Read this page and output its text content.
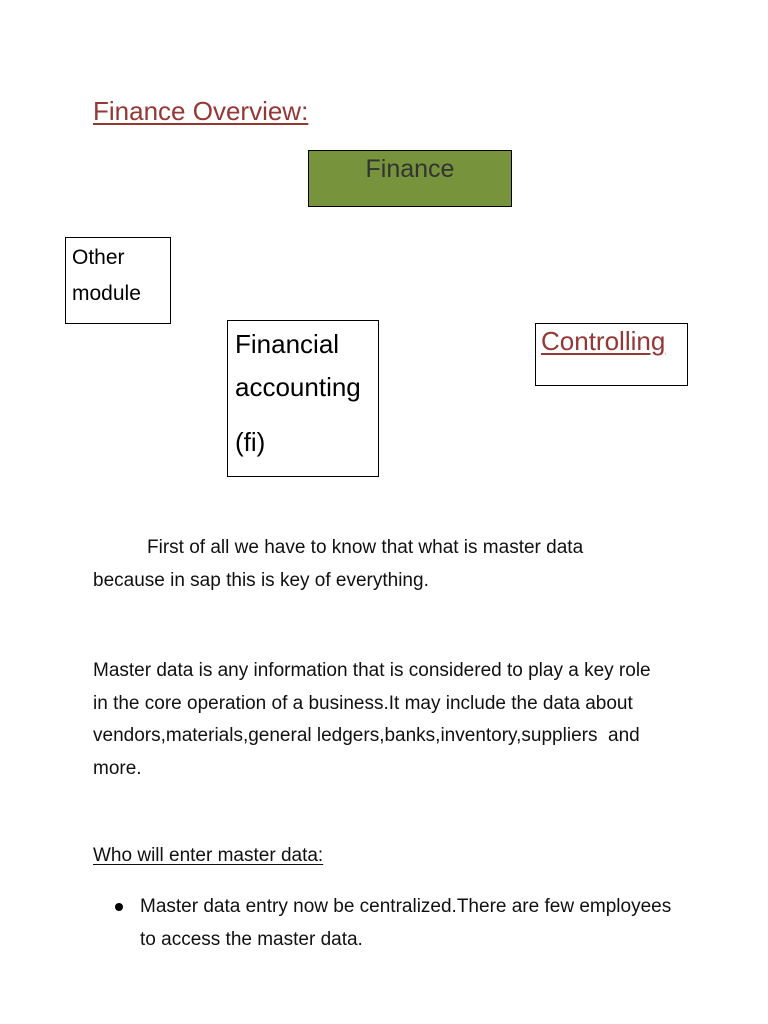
Finance Overview:
Finance
Other
module
Financial
accounting
(fi)
Controlling
First of all we have to know that what is master data
because in sap this is key of everything.
Master data is any information that is considered to play a key role
in the core operation of a business.It may include the data about
vendors,materials,general ledgers,banks,inventory,suppliers  and
more.
Who will enter master data:
Master data entry now be centralized.There are few employees
to access the master data.
